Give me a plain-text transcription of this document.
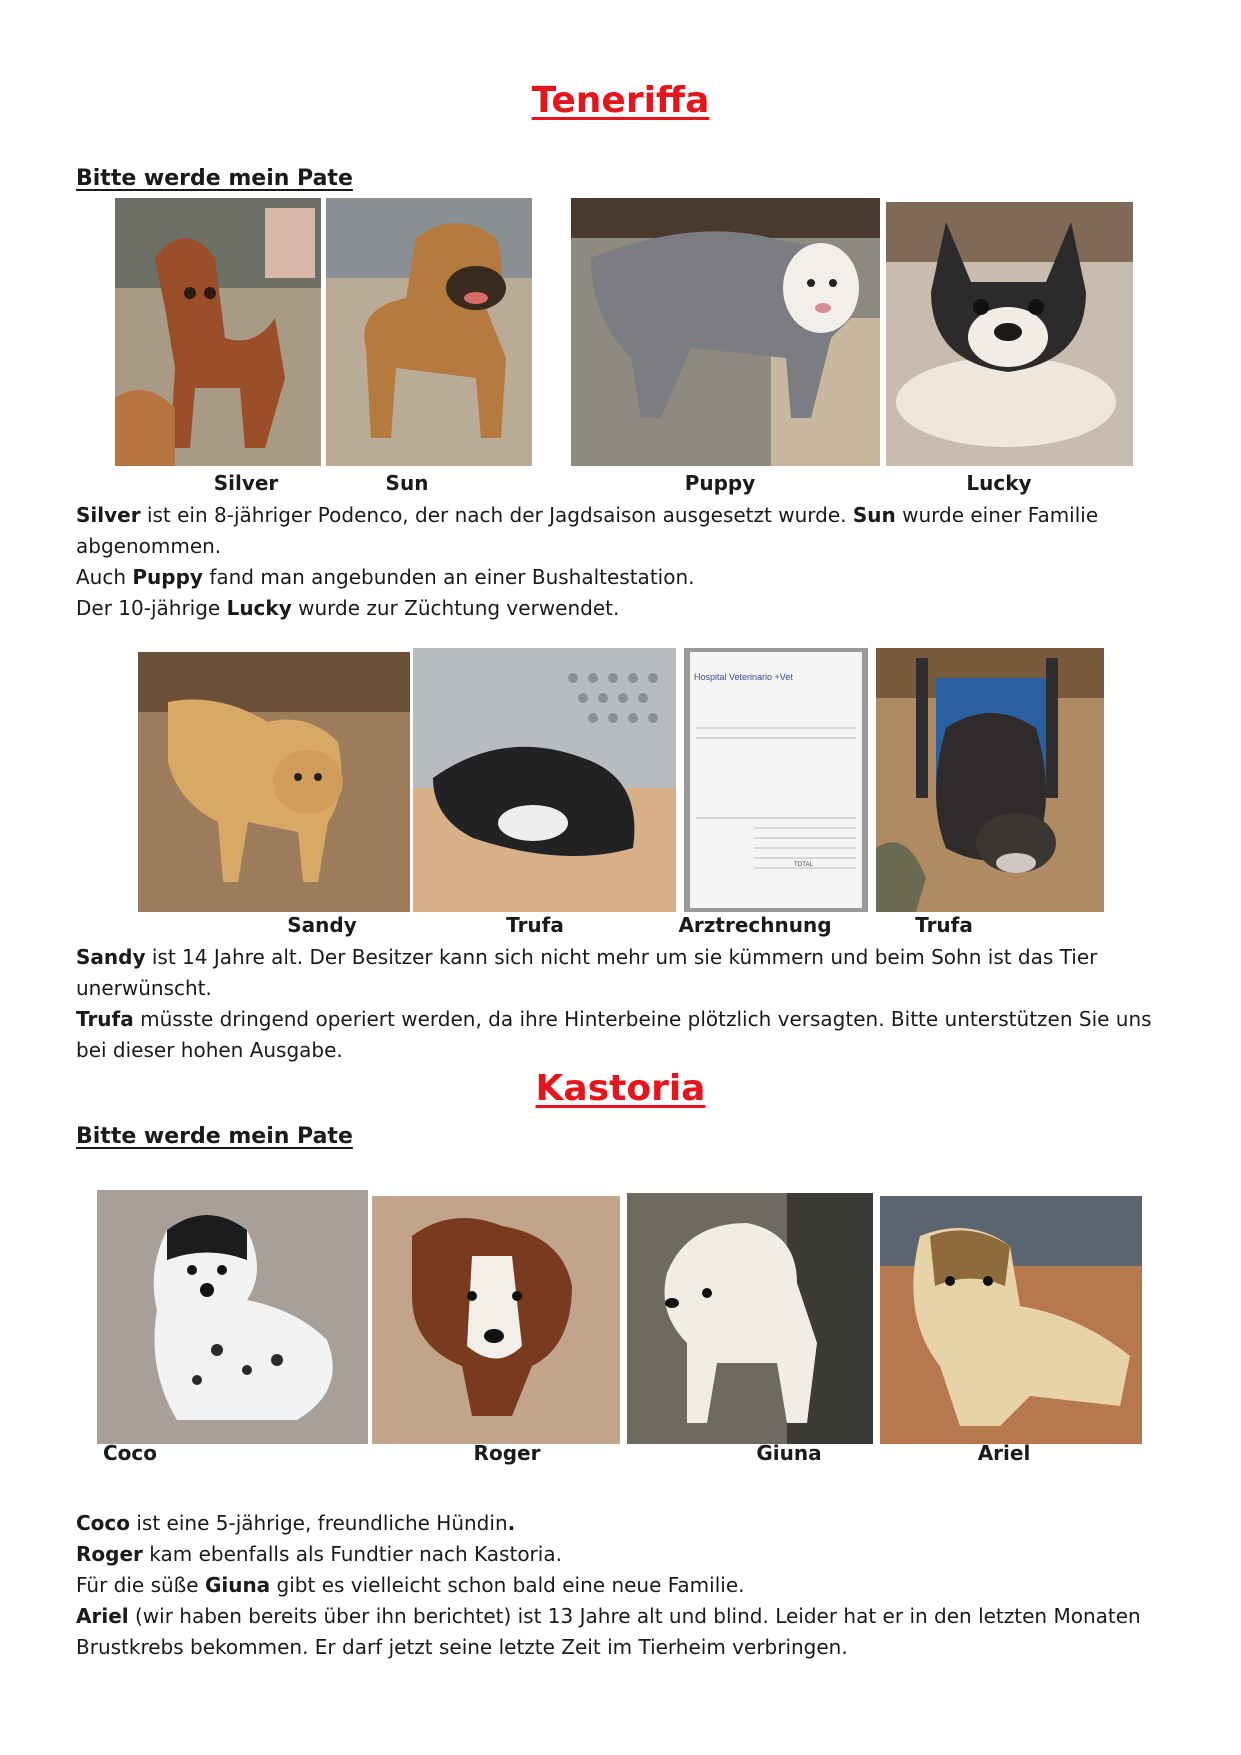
Teneriffa
Bitte werde mein Pate
Silver	Sun	Puppy	Lucky

Silver ist ein 8-jähriger Podenco, der nach der Jagdsaison ausgesetzt wurde. Sun wurde einer Familie abgenommen.
Auch Puppy fand man angebunden an einer Bushaltestation.
Der 10-jährige Lucky wurde zur Züchtung verwendet.

Hospital Veterinario +Vet
TOTAL
Sandy	Trufa	Arztrechnung	Trufa

Sandy ist 14 Jahre alt. Der Besitzer kann sich nicht mehr um sie kümmern und beim Sohn ist das Tier unerwünscht.
Trufa müsste dringend operiert werden, da ihre Hinterbeine plötzlich versagten. Bitte unterstützen Sie uns bei dieser hohen Ausgabe.

Kastoria
Bitte werde mein Pate
Coco	Roger	Giuna	Ariel

Coco ist eine 5-jährige, freundliche Hündin.
Roger kam ebenfalls als Fundtier nach Kastoria.
Für die süße Giuna gibt es vielleicht schon bald eine neue Familie.
Ariel (wir haben bereits über ihn berichtet) ist 13 Jahre alt und blind. Leider hat er in den letzten Monaten Brustkrebs bekommen. Er darf jetzt seine letzte Zeit im Tierheim verbringen.
